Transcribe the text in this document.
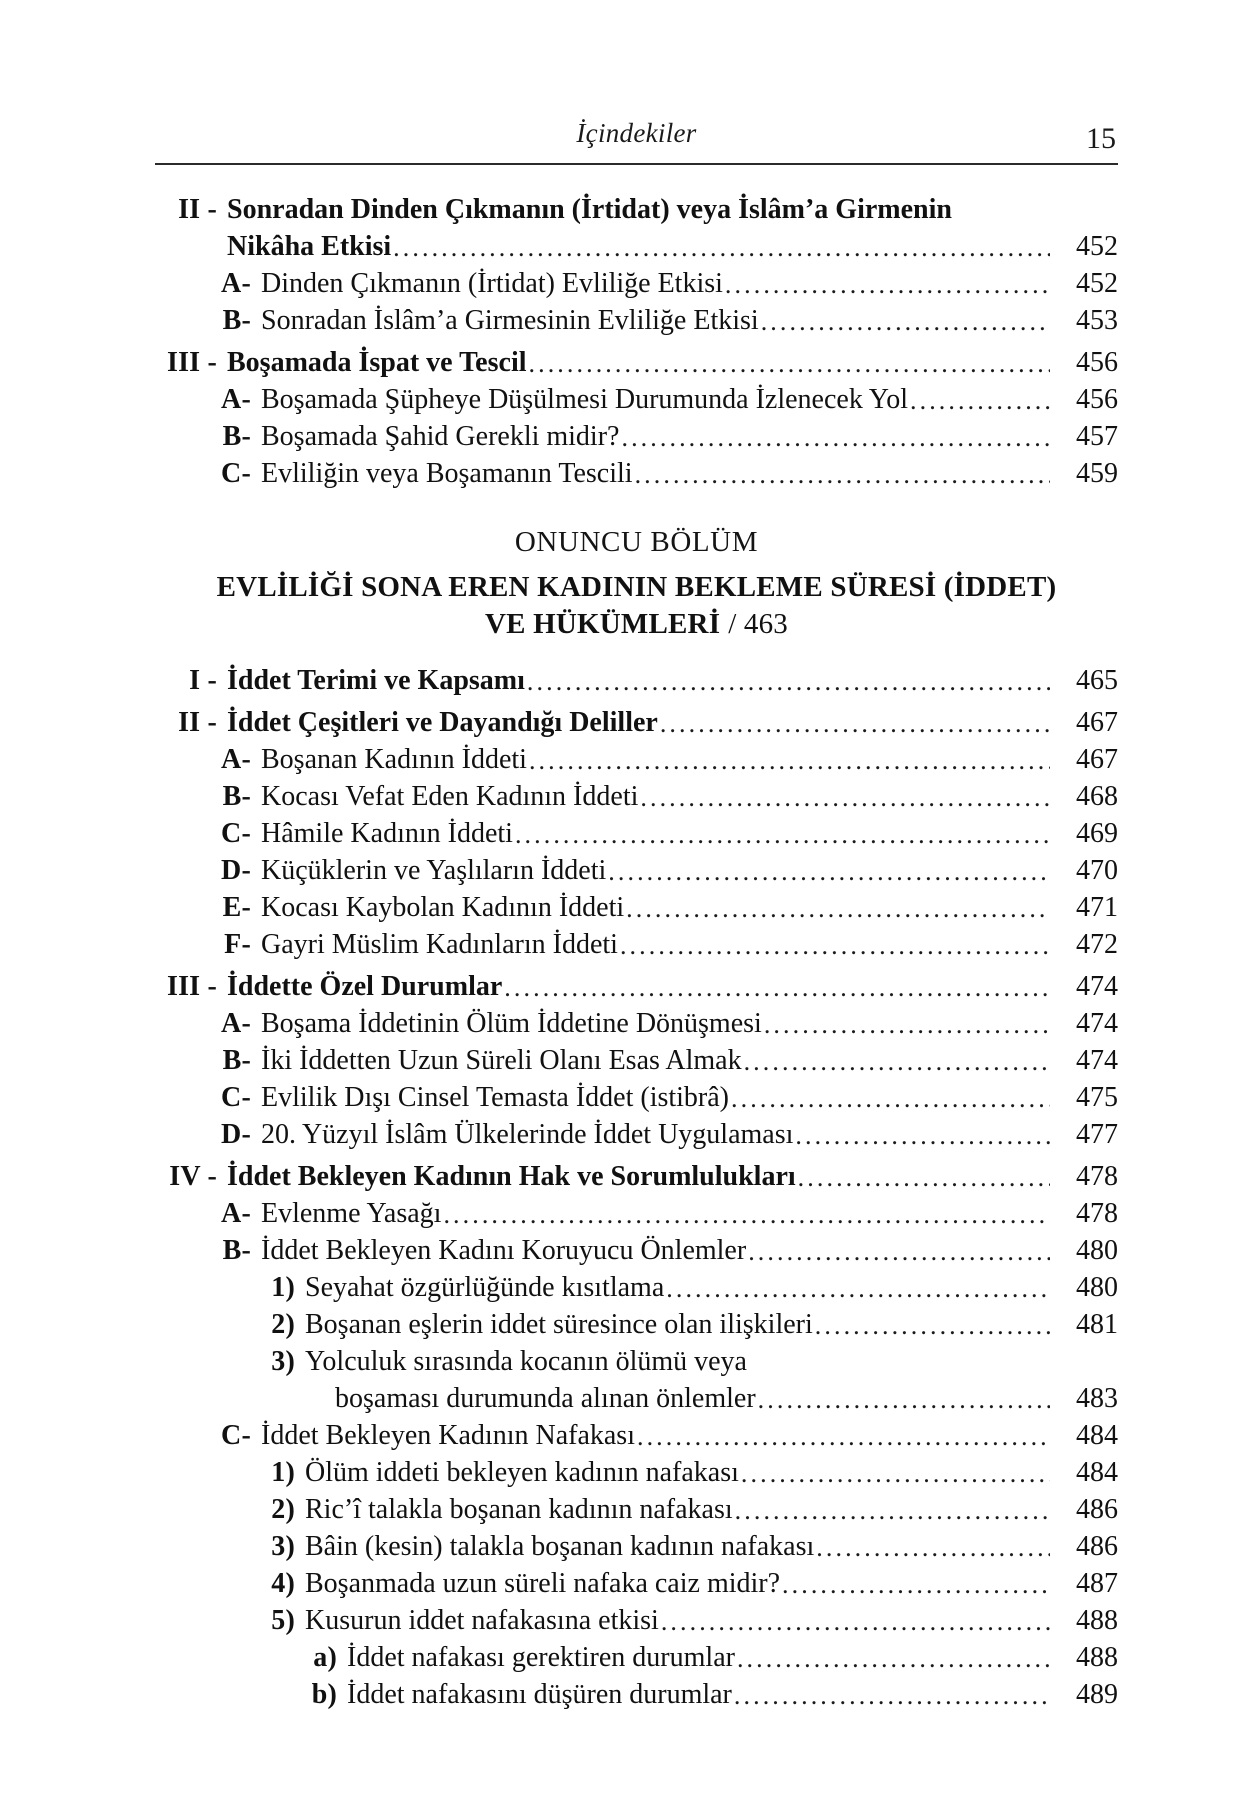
İçindekiler	15
II - Sonradan Dinden Çıkmanın (İrtidat) veya İslâm’a Girmenin
Nikâha Etkisi .....	452
A- Dinden Çıkmanın (İrtidat) Evliliğe Etkisi .....	452
B- Sonradan İslâm’a Girmesinin Evliliğe Etkisi .....	453
III - Boşamada İspat ve Tescil .....	456
A- Boşamada Şüpheye Düşülmesi Durumunda İzlenecek Yol .....	456
B- Boşamada Şahid Gerekli midir? .....	457
C- Evliliğin veya Boşamanın Tescili .....	459
ONUNCU BÖLÜM
EVLİLİĞİ SONA EREN KADININ BEKLEME SÜRESİ (İDDET)
VE HÜKÜMLERİ / 463
I - İddet Terimi ve Kapsamı .....	465
II - İddet Çeşitleri ve Dayandığı Deliller .....	467
A- Boşanan Kadının İddeti .....	467
B- Kocası Vefat Eden Kadının İddeti .....	468
C- Hâmile Kadının İddeti .....	469
D- Küçüklerin ve Yaşlıların İddeti .....	470
E- Kocası Kaybolan Kadının İddeti .....	471
F- Gayri Müslim Kadınların İddeti .....	472
III - İddette Özel Durumlar .....	474
A- Boşama İddetinin Ölüm İddetine Dönüşmesi .....	474
B- İki İddetten Uzun Süreli Olanı Esas Almak .....	474
C- Evlilik Dışı Cinsel Temasta İddet (istibrâ) .....	475
D- 20. Yüzyıl İslâm Ülkelerinde İddet Uygulaması .....	477
IV - İddet Bekleyen Kadının Hak ve Sorumlulukları .....	478
A- Evlenme Yasağı .....	478
B- İddet Bekleyen Kadını Koruyucu Önlemler .....	480
1) Seyahat özgürlüğünde kısıtlama .....	480
2) Boşanan eşlerin iddet süresince olan ilişkileri .....	481
3) Yolculuk sırasında kocanın ölümü veya
boşaması durumunda alınan önlemler .....	483
C- İddet Bekleyen Kadının Nafakası .....	484
1) Ölüm iddeti bekleyen kadının nafakası .....	484
2) Ric’î talakla boşanan kadının nafakası .....	486
3) Bâin (kesin) talakla boşanan kadının nafakası .....	486
4) Boşanmada uzun süreli nafaka caiz midir? .....	487
5) Kusurun iddet nafakasına etkisi .....	488
a) İddet nafakası gerektiren durumlar .....	488
b) İddet nafakasını düşüren durumlar .....	489
